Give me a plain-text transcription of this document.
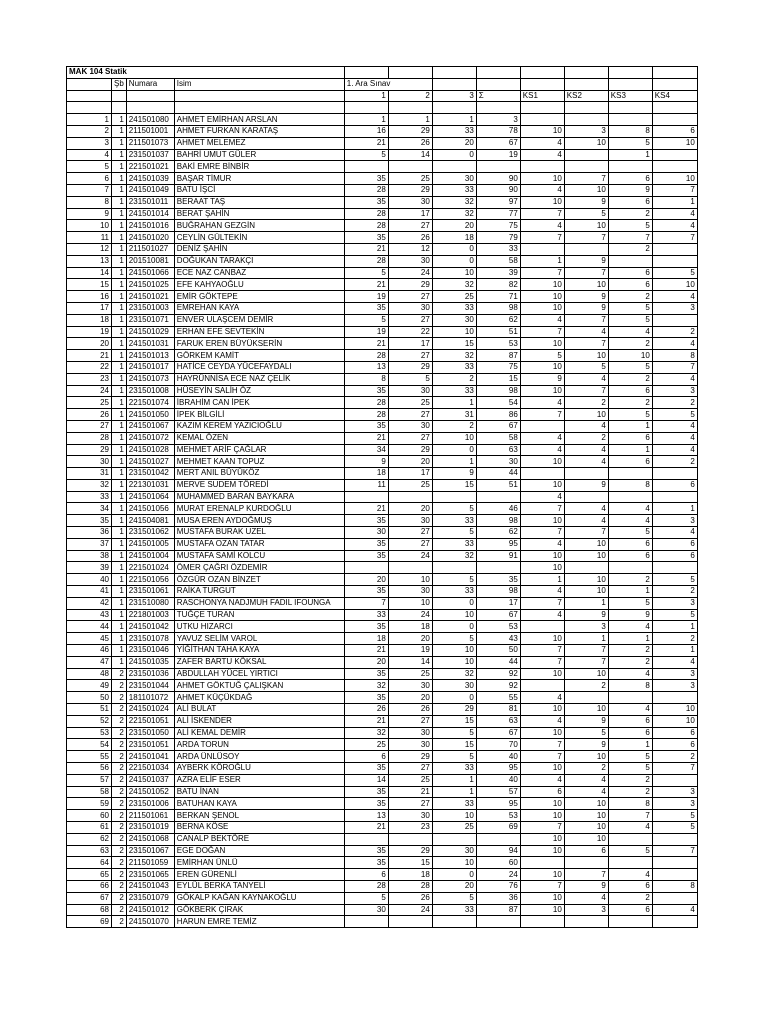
MAK 104 Statik											
	Şb	Numara	Isim	1. Ara Sınav							
				1	2	3	Σ	KS1	KS2	KS3	KS4

1	1	241501080	AHMET EMİRHAN ARSLAN	1	1	1	3				
2	1	211501001	AHMET FURKAN KARATAŞ	16	29	33	78	10	3	8	6
3	1	211501073	AHMET MELEMEZ	21	26	20	67	4	10	5	10
4	1	231501037	BAHRİ UMUT GÜLER	5	14	0	19	4		1	
5	1	221501021	BAKİ EMRE BİNBİR								
6	1	241501039	BAŞAR TİMUR	35	25	30	90	10	7	6	10
7	1	241501049	BATU İŞCİ	28	29	33	90	4	10	9	7
8	1	231501011	BERAAT TAŞ	35	30	32	97	10	9	6	1
9	1	241501014	BERAT ŞAHİN	28	17	32	77	7	5	2	4
10	1	241501016	BUĞRAHAN GEZGİN	28	27	20	75	4	10	5	4
11	1	241501020	CEYLİN GÜLTEKİN	35	26	18	79	7	7	7	7
12	1	211501027	DENİZ ŞAHİN	21	12	0	33			2	
13	1	201510081	DOĞUKAN TARAKÇI	28	30	0	58	1	9		
14	1	241501066	ECE NAZ CANBAZ	5	24	10	39	7	7	6	5
15	1	241501025	EFE KAHYAOĞLU	21	29	32	82	10	10	6	10
16	1	241501021	EMİR GÖKTEPE	19	27	25	71	10	9	2	4
17	1	231501003	EMREHAN KAYA	35	30	33	98	10	9	5	3
18	1	231501071	ENVER ULAŞCEM DEMİR	5	27	30	62	4	7	5	
19	1	241501029	ERHAN EFE SEVTEKİN	19	22	10	51	7	4	4	2
20	1	241501031	FARUK EREN BÜYÜKSERİN	21	17	15	53	10	7	2	4
21	1	241501013	GÖRKEM KAMİT	28	27	32	87	5	10	10	8
22	1	241501017	HATİCE CEYDA YÜCEFAYDALI	13	29	33	75	10	5	5	7
23	1	241501073	HAYRÜNNİSA ECE NAZ ÇELİK	8	5	2	15	9	4	2	4
24	1	231501008	HÜSEYİN SALİH ÖZ	35	30	33	98	10	7	6	3
25	1	221501074	İBRAHİM CAN İPEK	28	25	1	54	4	2	2	2
26	1	241501050	İPEK BİLGİLİ	28	27	31	86	7	10	5	5
27	1	241501067	KAZIM KEREM YAZICIOĞLU	35	30	2	67		4	1	4
28	1	241501072	KEMAL ÖZEN	21	27	10	58	4	2	6	4
29	1	241501028	MEHMET ARİF ÇAĞLAR	34	29	0	63	4	4	1	4
30	1	241501027	MEHMET KAAN TOPUZ	9	20	1	30	10	4	6	2
31	1	231501042	MERT ANIL BÜYÜKÖZ	18	17	9	44				
32	1	221301031	MERVE SUDEM TÖREDİ	11	25	15	51	10	9	8	6
33	1	241501064	MUHAMMED BARAN BAYKARA					4			
34	1	241501056	MURAT ERENALP KURDOĞLU	21	20	5	46	7	4	4	1
35	1	241504081	MUSA EREN AYDOĞMUŞ	35	30	33	98	10	4	4	3
36	1	231501062	MUSTAFA BURAK UZEL	30	27	5	62	7	7	5	4
37	1	241501005	MUSTAFA OZAN TATAR	35	27	33	95	4	10	6	6
38	1	241501004	MUSTAFA SAMİ KOLCU	35	24	32	91	10	10	6	6
39	1	221501024	ÖMER ÇAĞRI ÖZDEMİR					10			
40	1	221501056	ÖZGÜR OZAN BİNZET	20	10	5	35	1	10	2	5
41	1	231501061	RAİKA TURGUT	35	30	33	98	4	10	1	2
42	1	231510080	RASCHONYA NADJMUH FADIL IFOUNGA	7	10	0	17	7	1	5	3
43	1	221801003	TUĞÇE TURAN	33	24	10	67	4	9	9	5
44	1	241501042	UTKU HIZARCI	35	18	0	53		3	4	1
45	1	231501078	YAVUZ SELİM VAROL	18	20	5	43	10	1	1	2
46	1	231501046	YİĞİTHAN TAHA KAYA	21	19	10	50	7	7	2	1
47	1	241501035	ZAFER BARTU KÖKSAL	20	14	10	44	7	7	2	4
48	2	231501036	ABDULLAH YÜCEL YIRTICI	35	25	32	92	10	10	4	3
49	2	231501044	AHMET GÖKTUĞ ÇALIŞKAN	32	30	30	92		2	8	3
50	2	181101072	AHMET KÜÇÜKDAĞ	35	20	0	55	4			
51	2	241501024	ALİ BULAT	26	26	29	81	10	10	4	10
52	2	221501051	ALİ İSKENDER	21	27	15	63	4	9	6	10
53	2	231501050	ALİ KEMAL DEMİR	32	30	5	67	10	5	6	6
54	2	231501051	ARDA TORUN	25	30	15	70	7	9	1	6
55	2	241501041	ARDA ÜNLÜSOY	6	29	5	40	7	10	5	2
56	2	221501034	AYBERK KÖROĞLU	35	27	33	95	10	2	5	7
57	2	241501037	AZRA ELİF ESER	14	25	1	40	4	4	2	
58	2	241501052	BATU İNAN	35	21	1	57	6	4	2	3
59	2	231501006	BATUHAN KAYA	35	27	33	95	10	10	8	3
60	2	211501061	BERKAN ŞENOL	13	30	10	53	10	10	7	5
61	2	231501019	BERNA KÖSE	21	23	25	69	7	10	4	5
62	2	241501068	CANALP BEKTÖRE					10	10		
63	2	231501067	EGE DOĞAN	35	29	30	94	10	6	5	7
64	2	211501059	EMİRHAN ÜNLÜ	35	15	10	60				
65	2	231501065	EREN GÜRENLİ	6	18	0	24	10	7	4	
66	2	241501043	EYLÜL BERKA TANYELİ	28	28	20	76	7	9	6	8
67	2	231501079	GÖKALP KAĞAN KAYNAKOĞLU	5	26	5	36	10	4	2	
68	2	241501012	GÖKBERK ÇIRAK	30	24	33	87	10	3	6	4
69	2	241501070	HARUN EMRE TEMİZ								
